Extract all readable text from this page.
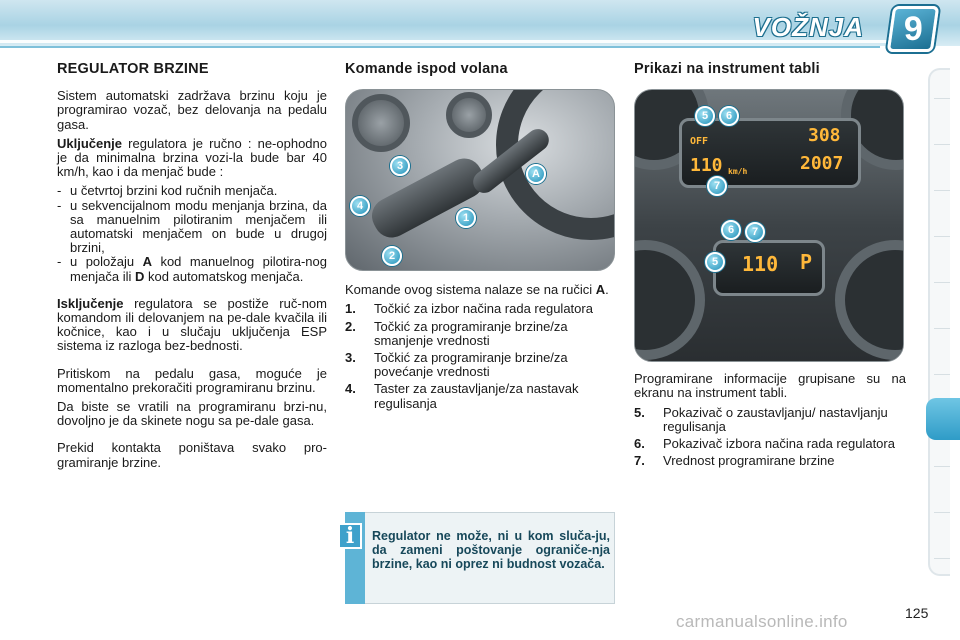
VOŽNJA 9
REGULATOR BRZINE

Sistem automatski zadržava brzinu koju je programirao vozač, bez delovanja na pedalu gasa.

Uključenje regulatora je ručno : ne-ophodno je da minimalna brzina vozi-la bude bar 40 km/h, kao i da menjač bude :

- u četvrtoj brzini kod ručnih menjača.
- u sekvencijalnom modu menjanja brzina, da sa manuelnim pilotiranim menjačem ili automatski menjačem on bude u drugoj brzini,
- u položaju A kod manuelnog pilotira-nog menjača ili D kod automatskog menjača.

Isključenje regulatora se postiže ruč-nom komandom ili delovanjem na pe-dale kvačila ili kočnice, kao i u slučaju uključenja ESP sistema iz razloga bez-bednosti.

Pritiskom na pedalu gasa, moguće je momentalno prekoračiti programiranu brzinu.

Da biste se vratili na programiranu brzi-nu, dovoljno je da skinete nogu sa pe-dale gasa.

Prekid kontakta poništava svako pro-gramiranje brzine.

Komande ispod volana
3
4
1
2
A

Komande ovog sistema nalaze se na ručici A.

1. Točkić za izbor načina rada regulatora
2. Točkić za programiranje brzine/za smanjenje vrednosti
3. Točkić za programiranje brzine/za povećanje vrednosti
4. Taster za zaustavljanje/za nastavak regulisanja
i	Regulator ne može, ni u kom sluča-ju, da zameni poštovanje ograniče-nja brzine, kao ni oprez ni budnost vozača.
Prikazi na instrument tabli
OFF
110 km/h
308
2007
110 P
5	6
7
6	7
5

Programirane informacije grupisane su na ekranu na instrument tabli.

5. Pokazivač o zaustavljanju/ nastavljanju regulisanja
6. Pokazivač izbora načina rada regulatora
7. Vrednost programirane brzine
carmanualsonline.info	125
